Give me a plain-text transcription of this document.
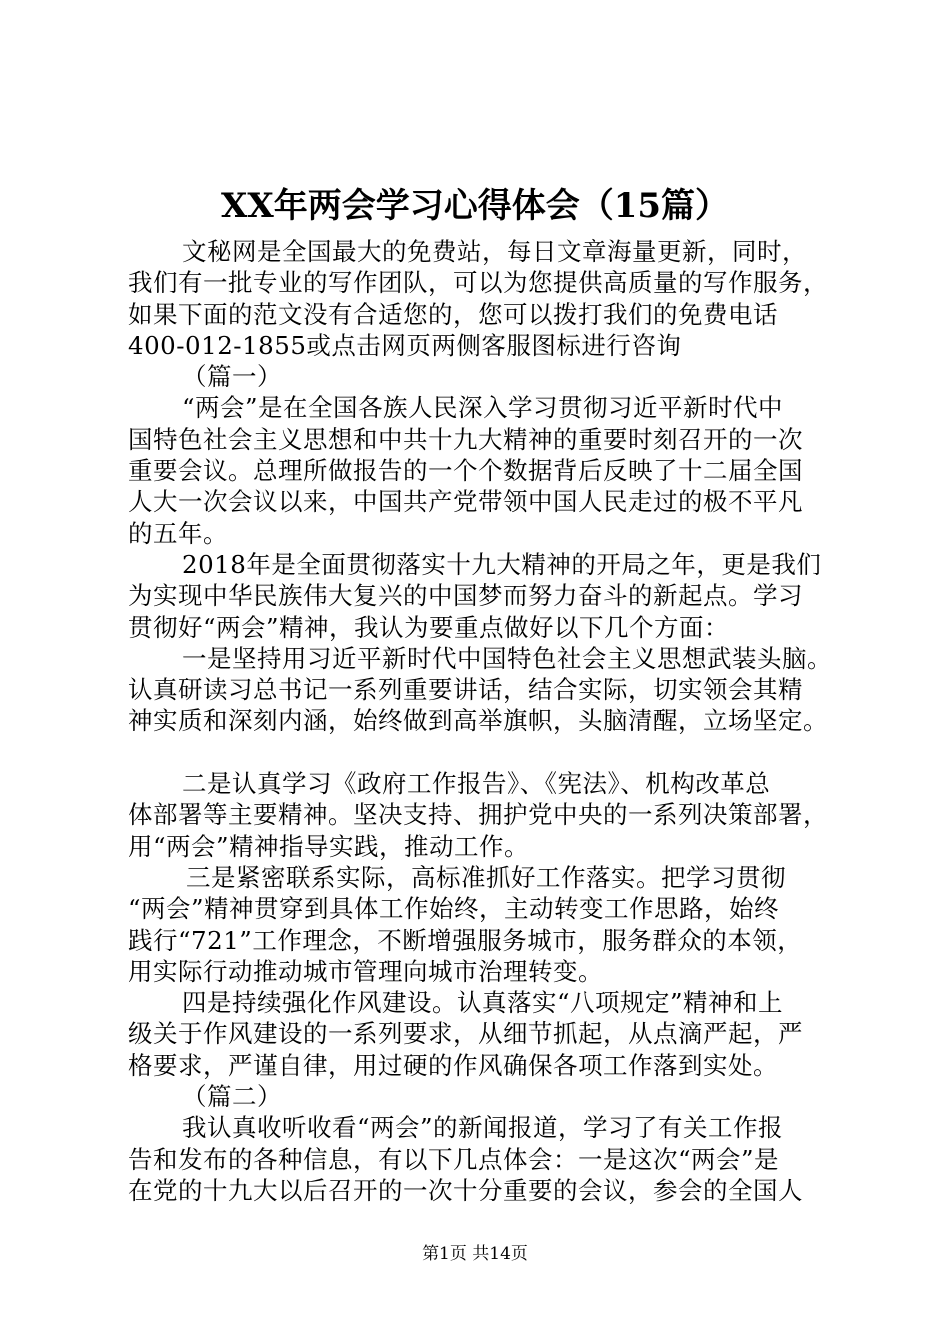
XX年两会学习心得体会（15篇）
文秘网是全国最大的免费站，每日文章海量更新，同时，
我们有一批专业的写作团队，可以为您提供高质量的写作服务，
如果下面的范文没有合适您的，您可以拨打我们的免费电话
400-012-1855或点击网页两侧客服图标进行咨询
（篇一）
“两会”是在全国各族人民深入学习贯彻习近平新时代中
国特色社会主义思想和中共十九大精神的重要时刻召开的一次
重要会议。总理所做报告的一个个数据背后反映了十二届全国
人大一次会议以来，中国共产党带领中国人民走过的极不平凡
的五年。
2018年是全面贯彻落实十九大精神的开局之年，更是我们
为实现中华民族伟大复兴的中国梦而努力奋斗的新起点。学习
贯彻好“两会”精神，我认为要重点做好以下几个方面：
一是坚持用习近平新时代中国特色社会主义思想武装头脑。
认真研读习总书记一系列重要讲话，结合实际，切实领会其精
神实质和深刻内涵，始终做到高举旗帜，头脑清醒，立场坚定。
二是认真学习《政府工作报告》、《宪法》、机构改革总
体部署等主要精神。坚决支持、拥护党中央的一系列决策部署，
用“两会”精神指导实践，推动工作。
三是紧密联系实际，高标准抓好工作落实。把学习贯彻
“两会”精神贯穿到具体工作始终，主动转变工作思路，始终
践行“721”工作理念，不断增强服务城市，服务群众的本领，
用实际行动推动城市管理向城市治理转变。
四是持续强化作风建设。认真落实“八项规定”精神和上
级关于作风建设的一系列要求，从细节抓起，从点滴严起，严
格要求，严谨自律，用过硬的作风确保各项工作落到实处。
（篇二）
我认真收听收看“两会”的新闻报道，学习了有关工作报
告和发布的各种信息，有以下几点体会：一是这次“两会”是
在党的十九大以后召开的一次十分重要的会议，参会的全国人
第1页 共14页
